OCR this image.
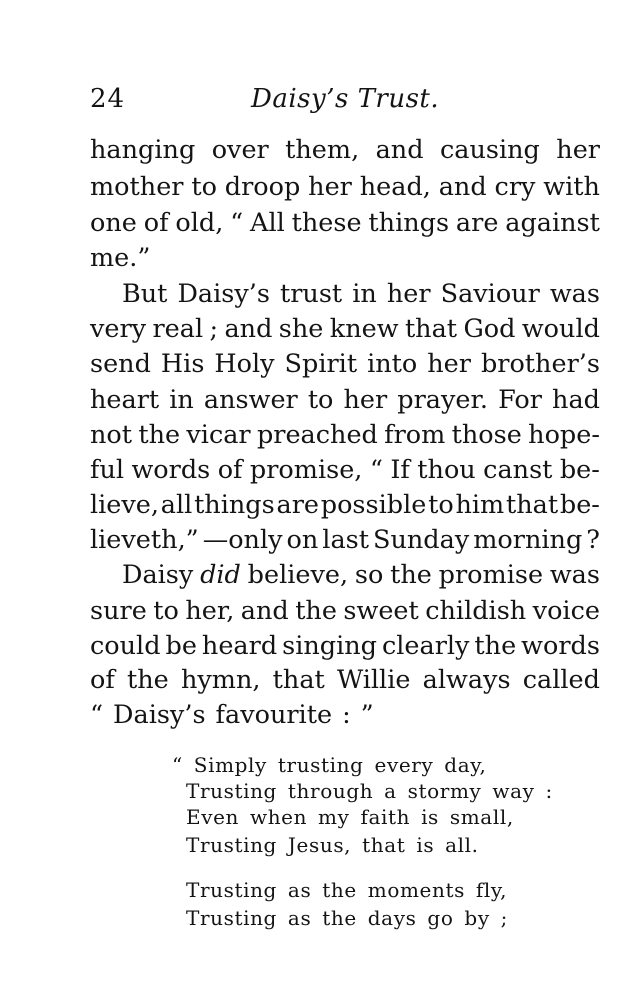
24	Daisy’s Trust.
hanging over them, and causing her
mother to droop her head, and cry with
one of old, “ All these things are against
me.”
But Daisy’s trust in her Saviour was
very real ; and she knew that God would
send His Holy Spirit into her brother’s
heart in answer to her prayer. For had
not the vicar preached from those hope-
ful words of promise, “ If thou canst be-
lieve, all things are possible to him that be-
lieveth,” —only on last Sunday morning ?
Daisy did believe, so the promise was
sure to her, and the sweet childish voice
could be heard singing clearly the words
of the hymn, that Willie always called
“ Daisy’s favourite : ”
“ Simply trusting every day,
Trusting through a stormy way :
Even when my faith is small,
Trusting Jesus, that is all.
Trusting as the moments fly,
Trusting as the days go by ;
